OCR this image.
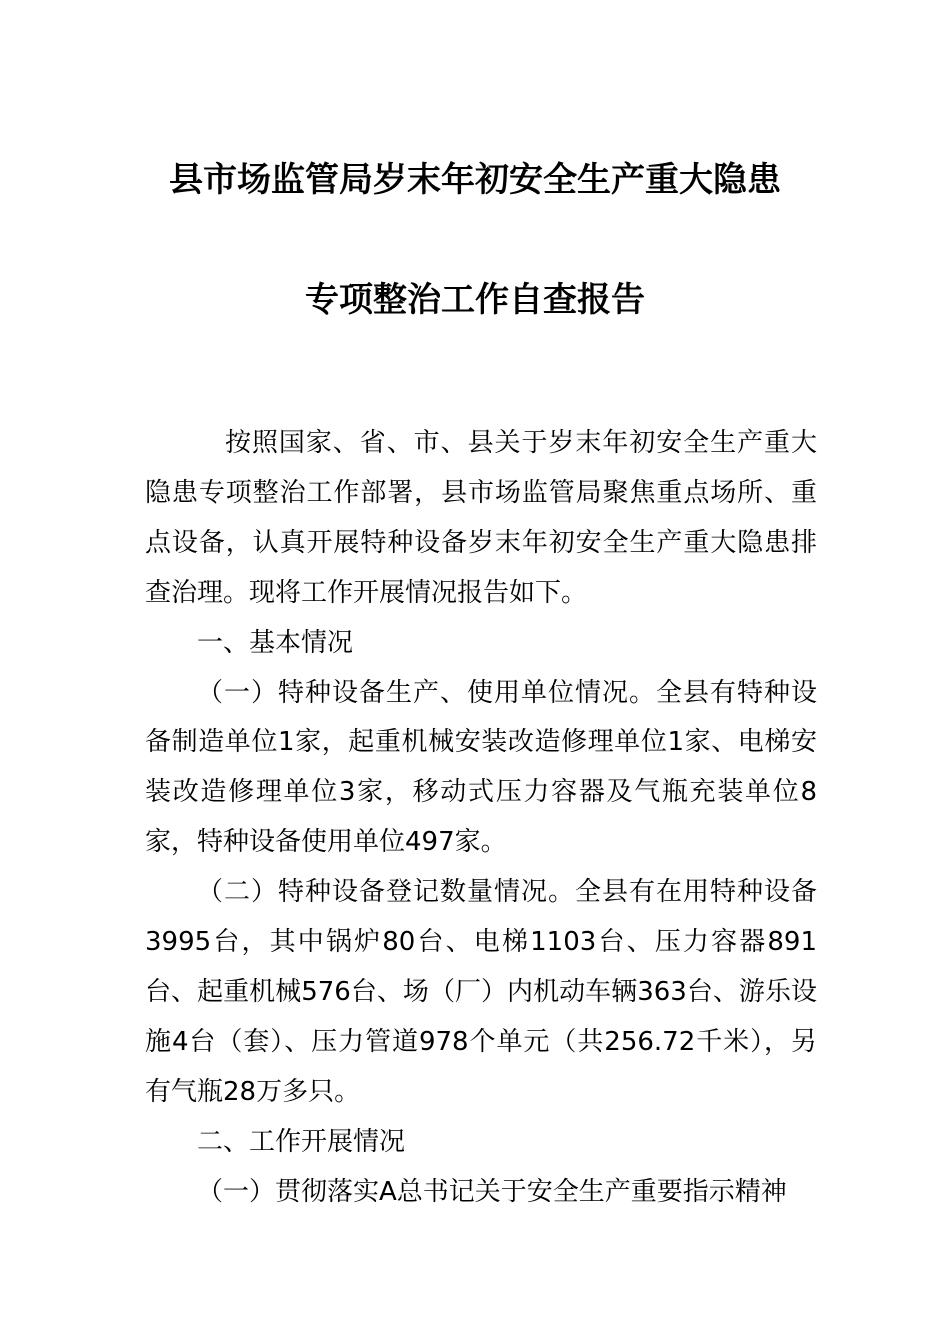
县市场监管局岁末年初安全生产重大隐患
专项整治工作自查报告

按照国家、省、市、县关于岁末年初安全生产重大隐患专项整治工作部署，县市场监管局聚焦重点场所、重点设备，认真开展特种设备岁末年初安全生产重大隐患排查治理。现将工作开展情况报告如下。

一、基本情况

（一）特种设备生产、使用单位情况。全县有特种设备制造单位1家，起重机械安装改造修理单位1家、电梯安装改造修理单位3家，移动式压力容器及气瓶充装单位8家，特种设备使用单位497家。

（二）特种设备登记数量情况。全县有在用特种设备3995台，其中锅炉80台、电梯1103台、压力容器891台、起重机械576台、场（厂）内机动车辆363台、游乐设施4台（套）、压力管道978个单元（共256.72千米），另有气瓶28万多只。

二、工作开展情况

（一）贯彻落实A总书记关于安全生产重要指示精神
